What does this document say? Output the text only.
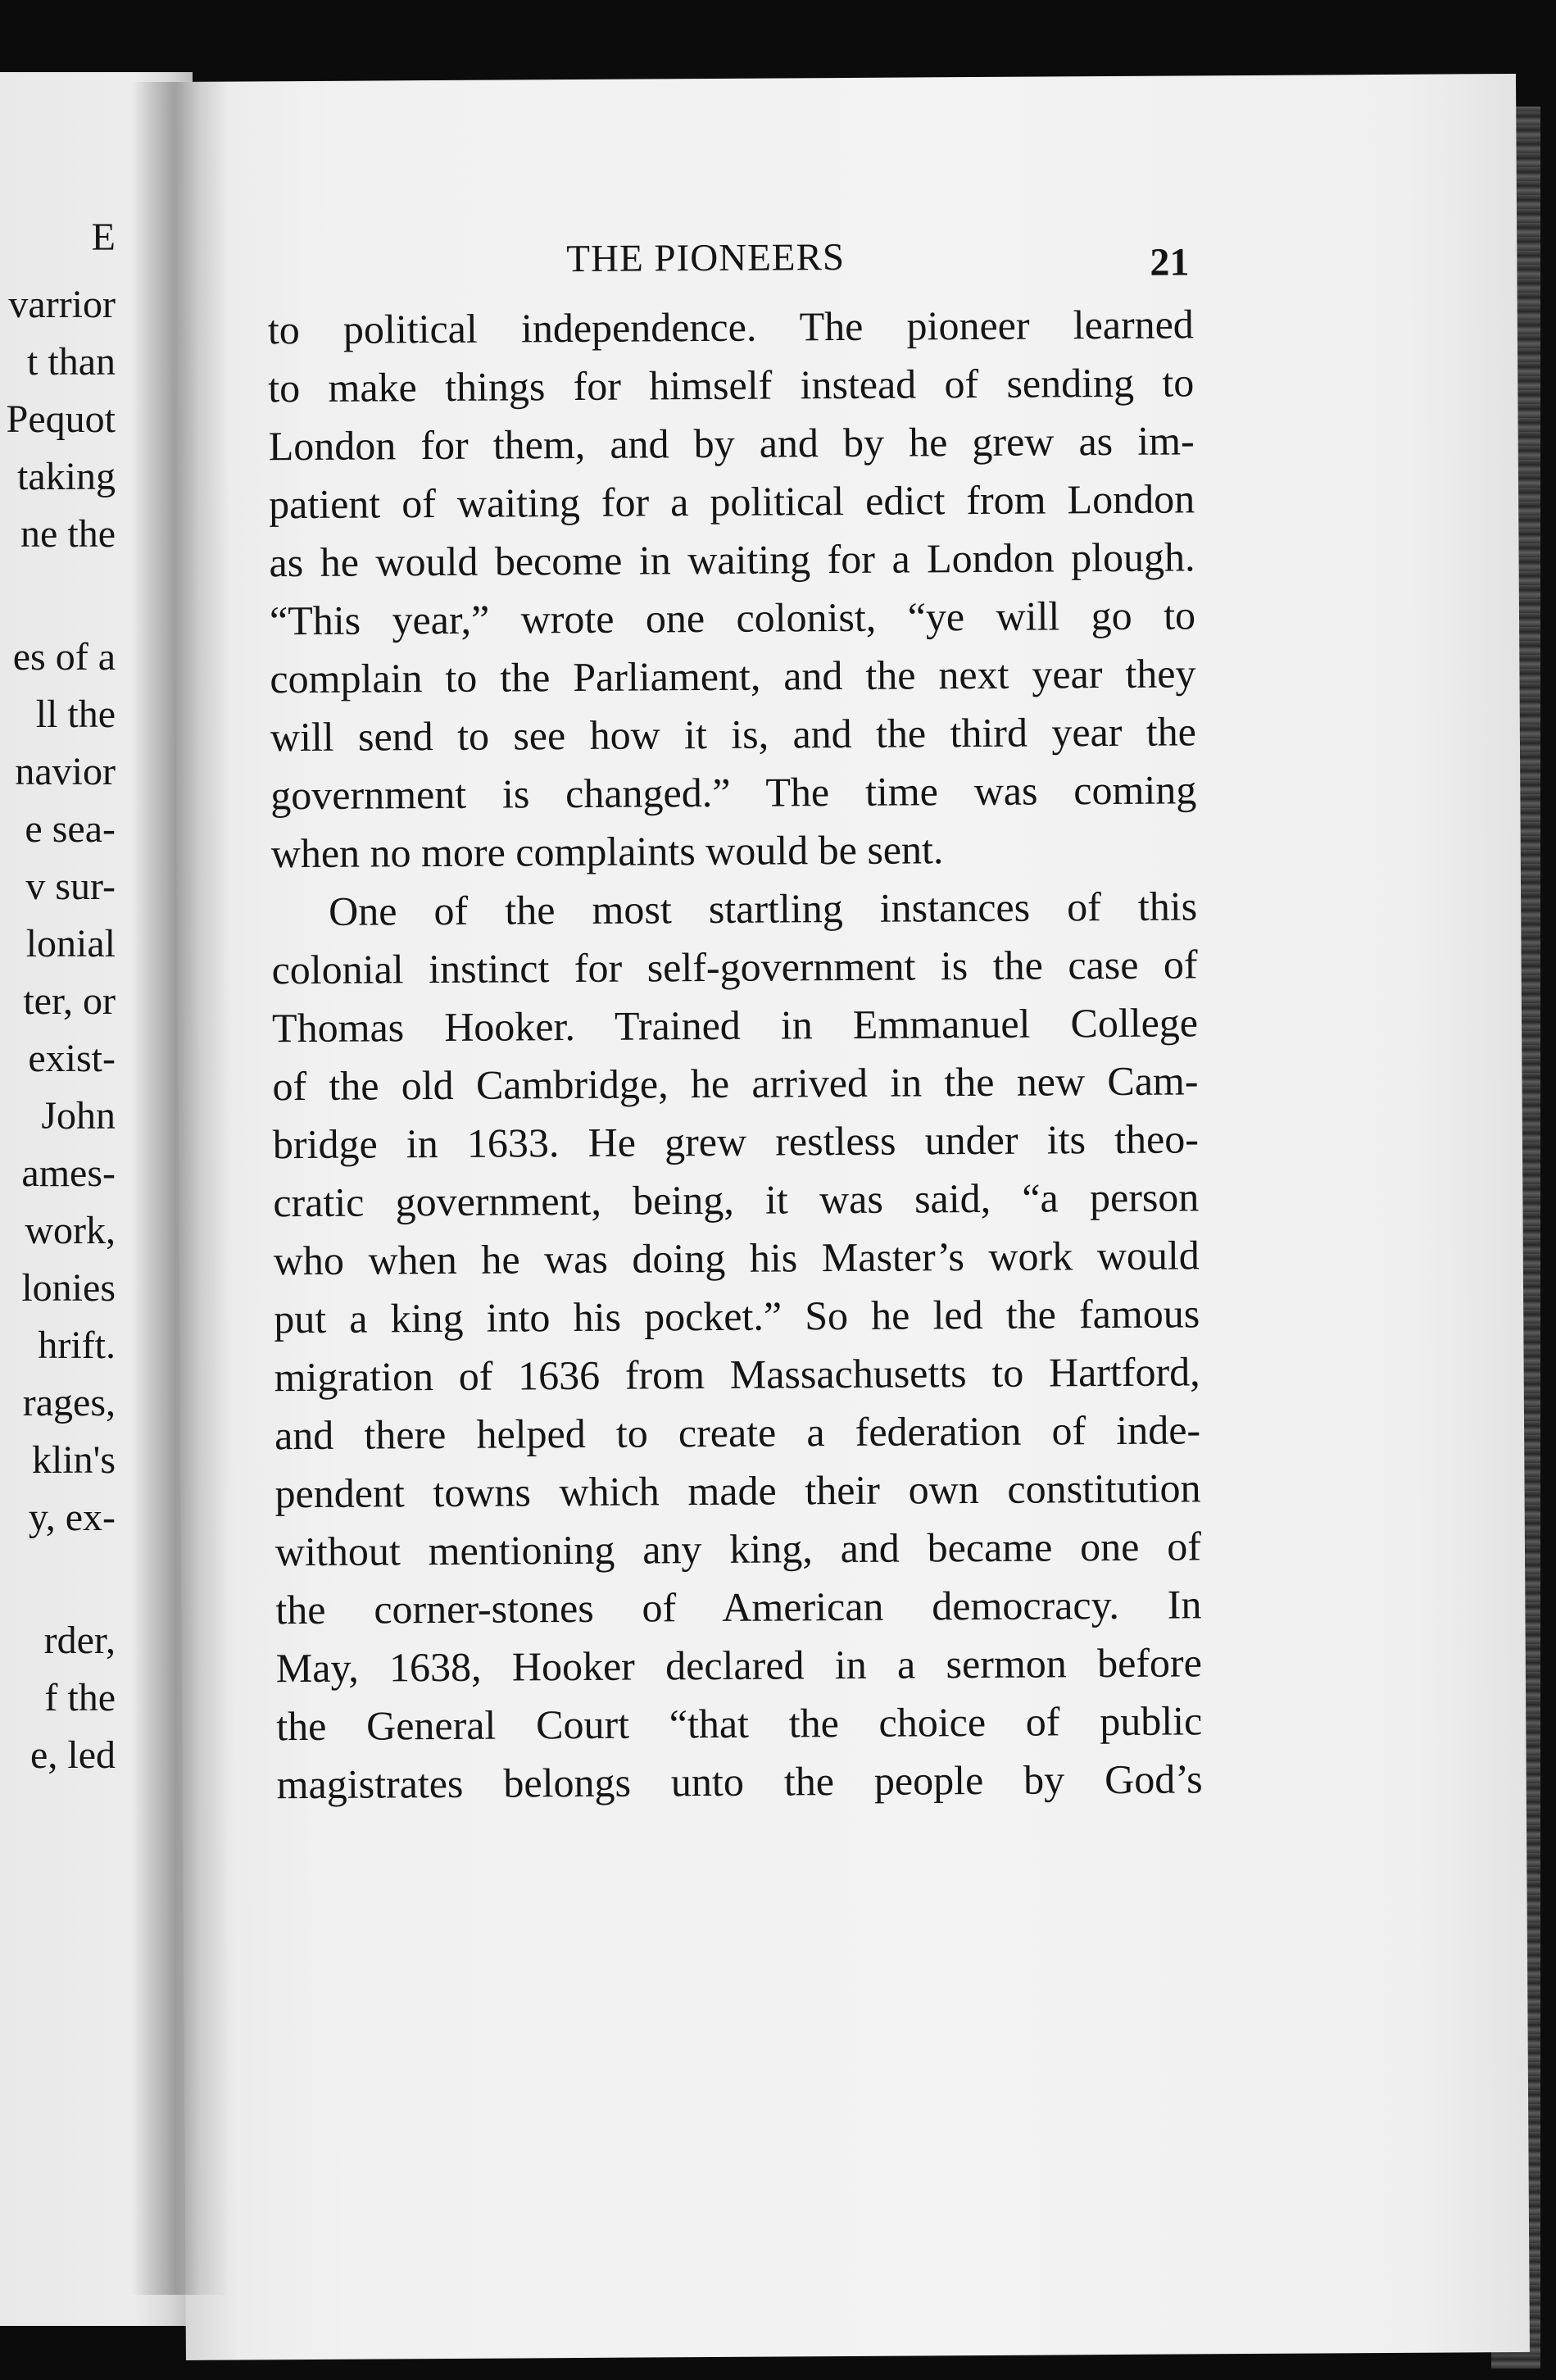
E
varrior
t than
Pequot
taking
ne the
es of a
ll the
navior
e sea-
v sur-
lonial
ter, or
exist-
John
ames-
work,
lonies
hrift.
rages,
klin's
y, ex-
rder,
f the
e, led
THE PIONEERS	21
to political independence. The pioneer learned
to make things for himself instead of sending to
London for them, and by and by he grew as im-
patient of waiting for a political edict from London
as he would become in waiting for a London plough.
“This year,” wrote one colonist, “ye will go to
complain to the Parliament, and the next year they
will send to see how it is, and the third year the
government is changed.” The time was coming
when no more complaints would be sent.
One of the most startling instances of this
colonial instinct for self-government is the case of
Thomas Hooker. Trained in Emmanuel College
of the old Cambridge, he arrived in the new Cam-
bridge in 1633. He grew restless under its theo-
cratic government, being, it was said, “a person
who when he was doing his Master’s work would
put a king into his pocket.” So he led the famous
migration of 1636 from Massachusetts to Hartford,
and there helped to create a federation of inde-
pendent towns which made their own constitution
without mentioning any king, and became one of
the corner-stones of American democracy. In
May, 1638, Hooker declared in a sermon before
the General Court “that the choice of public
magistrates belongs unto the people by God’s
